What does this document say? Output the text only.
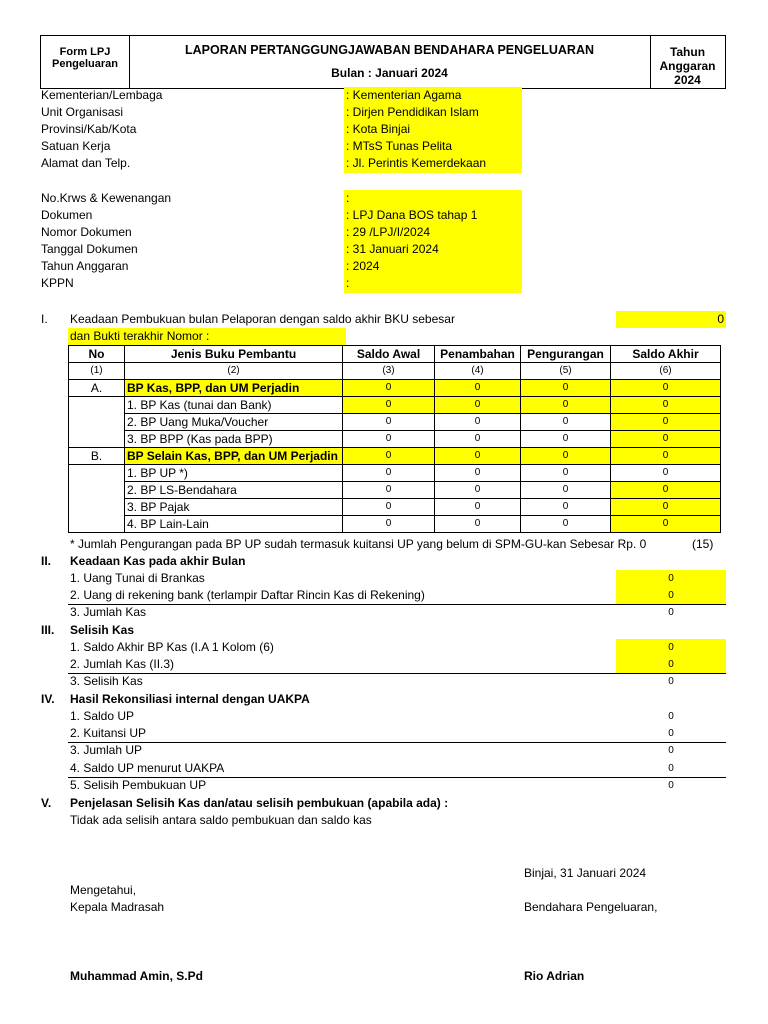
Form LPJ
Pengeluaran
LAPORAN PERTANGGUNGJAWABAN BENDAHARA PENGELUARAN
Bulan : Januari 2024
Tahun Anggaran
2024
Kementerian/Lembaga	: Kementerian Agama
Unit Organisasi	: Dirjen Pendidikan Islam
Provinsi/Kab/Kota	: Kota Binjai
Satuan Kerja	: MTsS Tunas Pelita
Alamat dan Telp.	: Jl. Perintis Kemerdekaan
No.Krws & Kewenangan	:
Dokumen	: LPJ Dana BOS tahap 1
Nomor Dokumen	: 29 /LPJ/I/2024
Tanggal Dokumen	: 31 Januari 2024
Tahun Anggaran	: 2024
KPPN	:
I. Keadaan Pembukuan bulan Pelaporan dengan saldo akhir BKU sebesar	0
dan Bukti terakhir Nomor :
No	Jenis Buku Pembantu	Saldo Awal	Penambahan	Pengurangan	Saldo Akhir
(1)	(2)	(3)	(4)	(5)	(6)
A.	BP Kas, BPP, dan UM Perjadin	0	0	0	0
	1. BP Kas (tunai dan Bank)	0	0	0	0
	2. BP Uang Muka/Voucher	0	0	0	0
	3. BP BPP (Kas pada BPP)	0	0	0	0
B.	BP Selain Kas, BPP, dan UM Perjadin	0	0	0	0
	1. BP UP *)	0	0	0	0
	2. BP LS-Bendahara	0	0	0	0
	3. BP Pajak	0	0	0	0
	4. BP Lain-Lain	0	0	0	0
* Jumlah Pengurangan pada BP UP sudah termasuk kuitansi UP yang belum di SPM-GU-kan Sebesar Rp. 0	(15)
II. Keadaan Kas pada akhir Bulan
1. Uang Tunai di Brankas	0
2. Uang di rekening bank (terlampir Daftar Rincin Kas di Rekening)	0
3. Jumlah Kas	0
III. Selisih Kas
1. Saldo Akhir BP Kas (I.A 1 Kolom (6)	0
2. Jumlah Kas (II.3)	0
3. Selisih Kas	0
IV. Hasil Rekonsiliasi internal dengan UAKPA
1. Saldo UP	0
2. Kuitansi UP	0
3. Jumlah UP	0
4. Saldo UP menurut UAKPA	0
5. Selisih Pembukuan UP	0
V. Penjelasan Selisih Kas dan/atau selisih pembukuan (apabila ada) :
Tidak ada selisih antara saldo pembukuan dan saldo kas
Binjai, 31 Januari 2024
Mengetahui,
Kepala Madrasah	Bendahara Pengeluaran,
Muhammad Amin, S.Pd	Rio Adrian
